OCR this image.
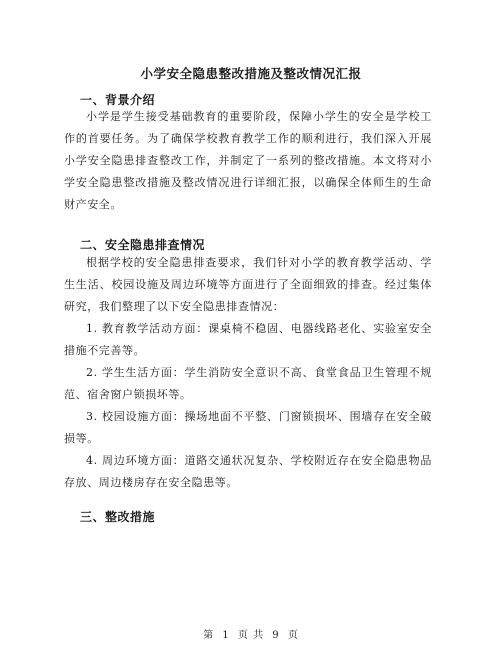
小学安全隐患整改措施及整改情况汇报
一、背景介绍

小学是学生接受基础教育的重要阶段，保障小学生的安全是学校工作的首要任务。为了确保学校教育教学工作的顺利进行，我们深入开展小学安全隐患排查整改工作，并制定了一系列的整改措施。本文将对小学安全隐患整改措施及整改情况进行详细汇报，以确保全体师生的生命财产安全。

二、安全隐患排查情况

根据学校的安全隐患排查要求，我们针对小学的教育教学活动、学生生活、校园设施及周边环境等方面进行了全面细致的排查。经过集体研究，我们整理了以下安全隐患排查情况：

1. 教育教学活动方面：课桌椅不稳固、电器线路老化、实验室安全措施不完善等。

2. 学生生活方面：学生消防安全意识不高、食堂食品卫生管理不规范、宿舍窗户锁损坏等。

3. 校园设施方面：操场地面不平整、门窗锁损坏、围墙存在安全破损等。

4. 周边环境方面：道路交通状况复杂、学校附近存在安全隐患物品存放、周边楼房存在安全隐患等。

三、整改措施
第 1 页 共 9 页
